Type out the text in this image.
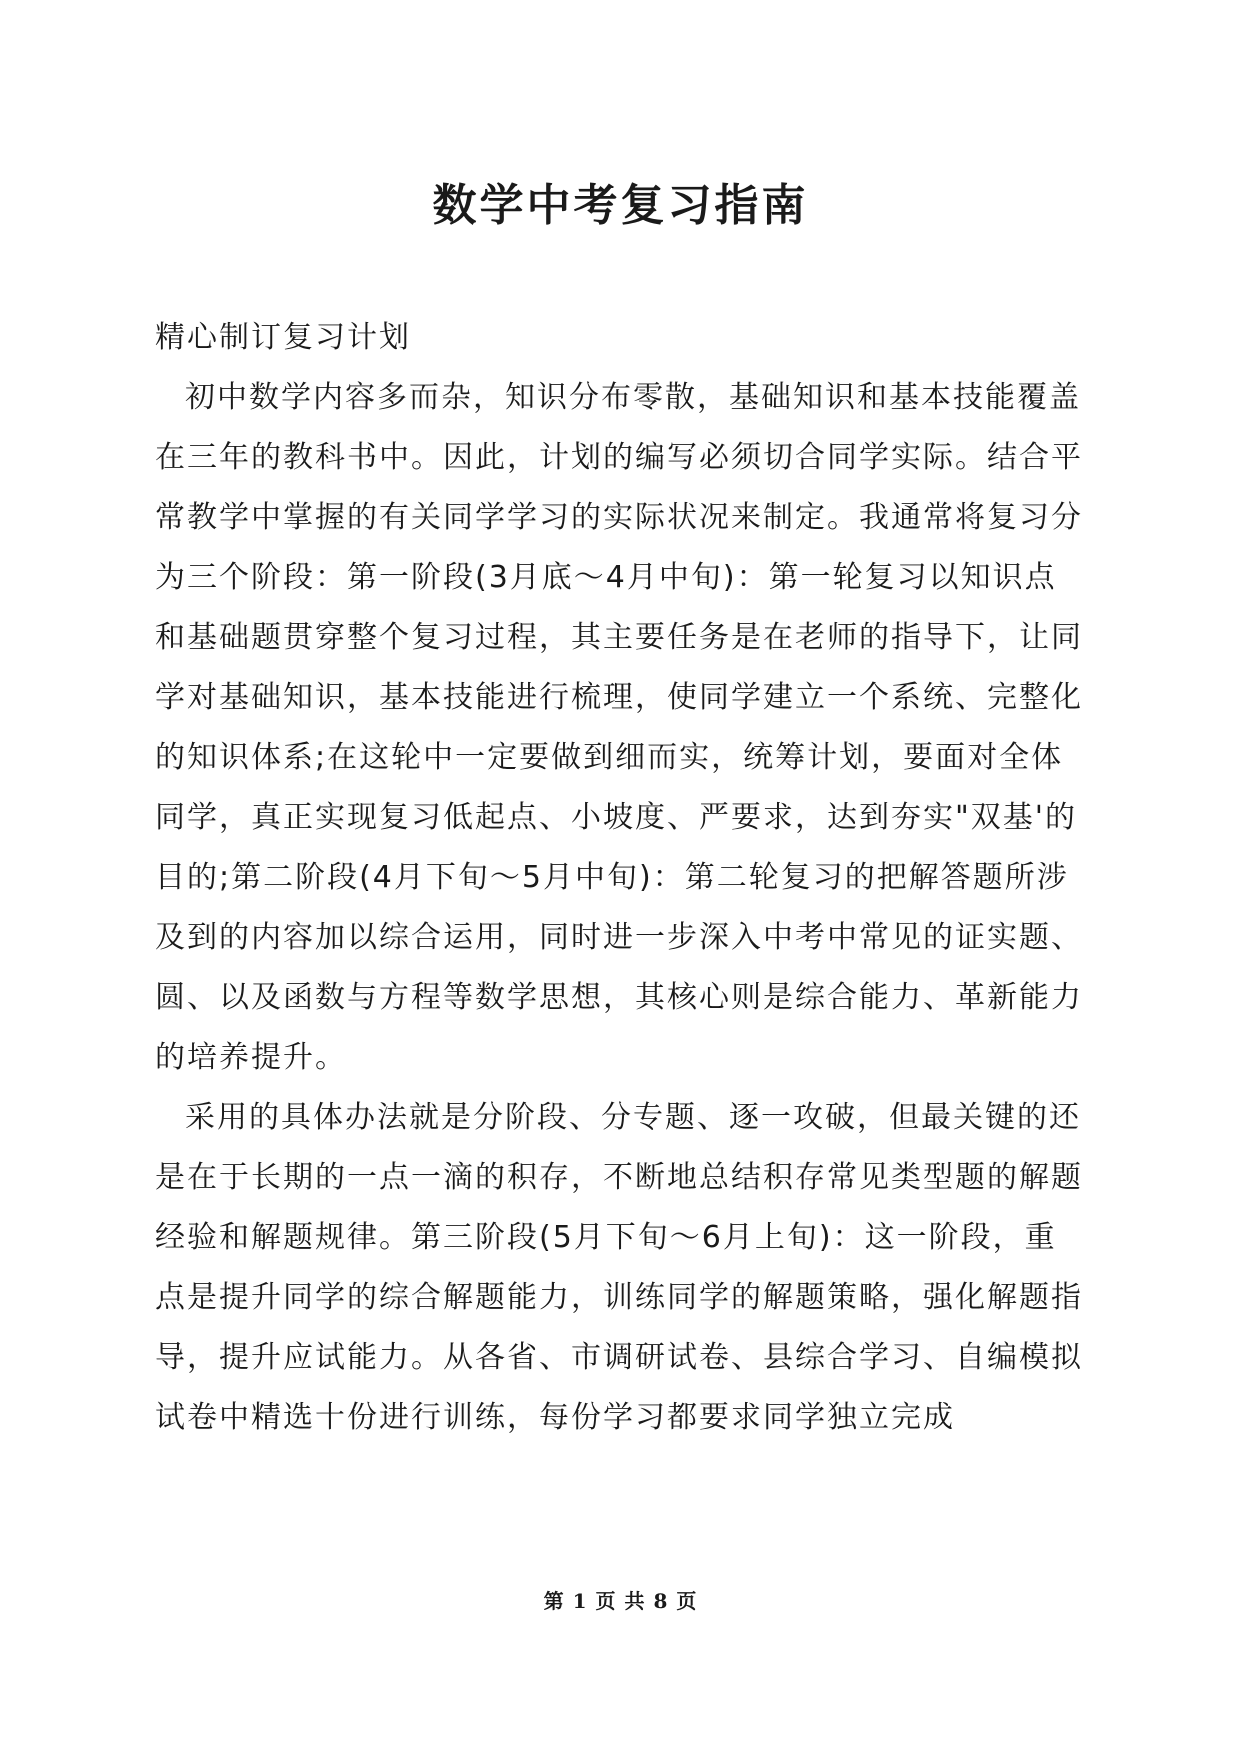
数学中考复习指南

精心制订复习计划

初中数学内容多而杂，知识分布零散，基础知识和基本技能覆盖在三年的教科书中。因此，计划的编写必须切合同学实际。结合平常教学中掌握的有关同学学习的实际状况来制定。我通常将复习分为三个阶段：第一阶段(3月底～4月中旬)：第一轮复习以知识点和基础题贯穿整个复习过程，其主要任务是在老师的指导下，让同学对基础知识，基本技能进行梳理，使同学建立一个系统、完整化的知识体系;在这轮中一定要做到细而实，统筹计划，要面对全体同学，真正实现复习低起点、小坡度、严要求，达到夯实"双基'的目的;第二阶段(4月下旬～5月中旬)：第二轮复习的把解答题所涉及到的内容加以综合运用，同时进一步深入中考中常见的证实题、圆、以及函数与方程等数学思想，其核心则是综合能力、革新能力的培养提升。

采用的具体办法就是分阶段、分专题、逐一攻破，但最关键的还是在于长期的一点一滴的积存，不断地总结积存常见类型题的解题经验和解题规律。第三阶段(5月下旬～6月上旬)：这一阶段，重点是提升同学的综合解题能力，训练同学的解题策略，强化解题指导，提升应试能力。从各省、市调研试卷、县综合学习、自编模拟试卷中精选十份进行训练，每份学习都要求同学独立完成

第 1 页 共 8 页
